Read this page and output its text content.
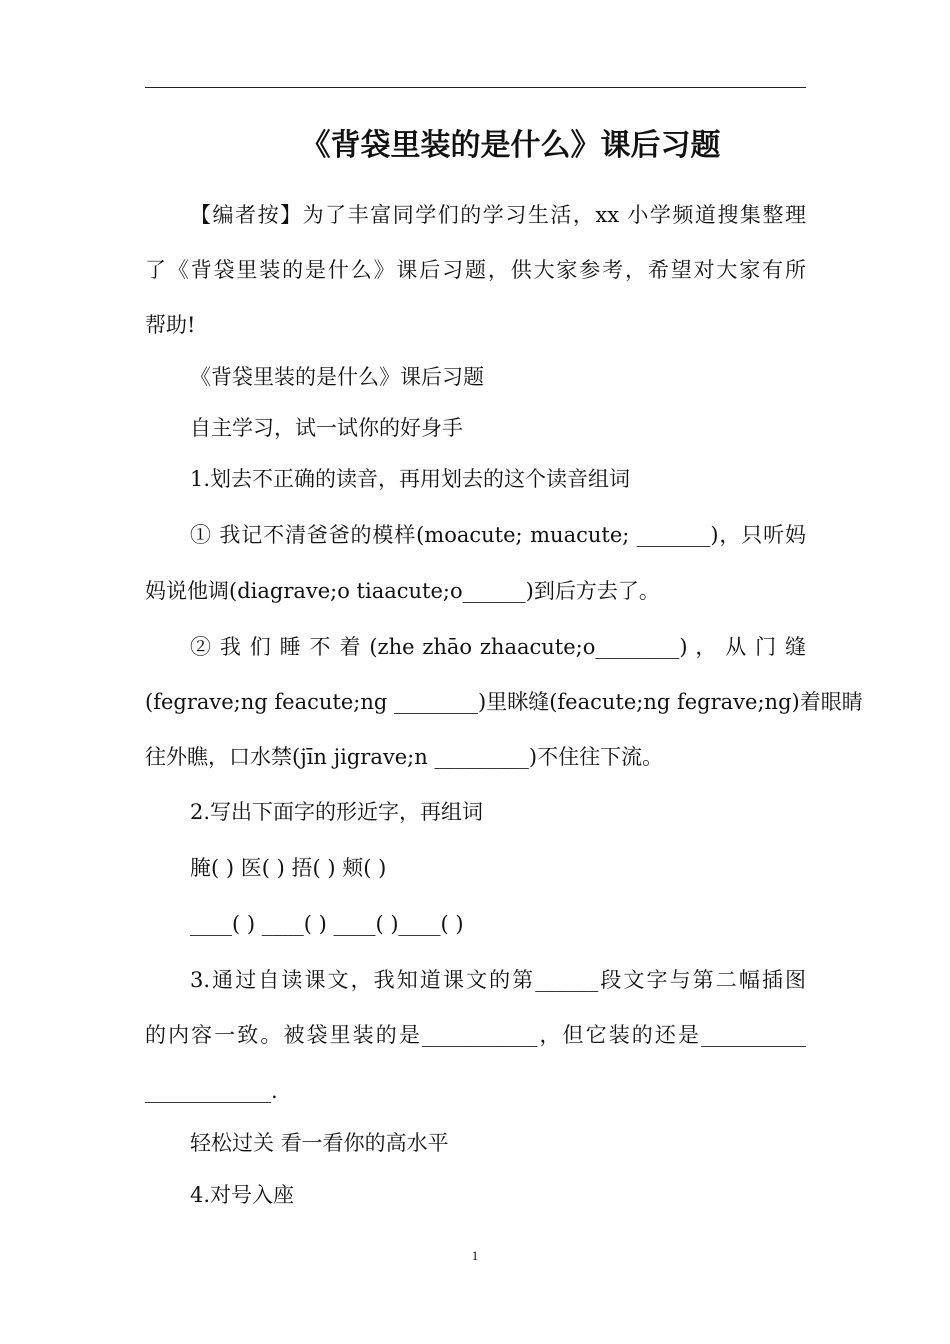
《背袋里装的是什么》课后习题

【编者按】为了丰富同学们的学习生活，xx 小学频道搜集整理

了《背袋里装的是什么》课后习题，供大家参考，希望对大家有所

帮助!

《背袋里装的是什么》课后习题

自主学习，试一试你的好身手

1.划去不正确的读音，再用划去的这个读音组词

① 我记不清爸爸的模样(moacute; muacute; _______)，只听妈

妈说他调(diagrave;o tiaacute;o______)到后方去了。

② 我 们 睡 不 着 (zhe zhāo zhaacute;o________) ， 从 门 缝

(fegrave;ng feacute;ng ________)里眯缝(feacute;ng fegrave;ng)着眼睛

往外瞧，口水禁(jīn jigrave;n _________)不住往下流。

2.写出下面字的形近字，再组词

腌( ) 医( ) 捂( ) 颊( )

____( ) ____( ) ____( )____( )

3.通过自读课文，我知道课文的第______段文字与第二幅插图

的内容一致。被袋里装的是___________，但它装的还是__________

____________.

轻松过关 看一看你的高水平

4.对号入座

1
